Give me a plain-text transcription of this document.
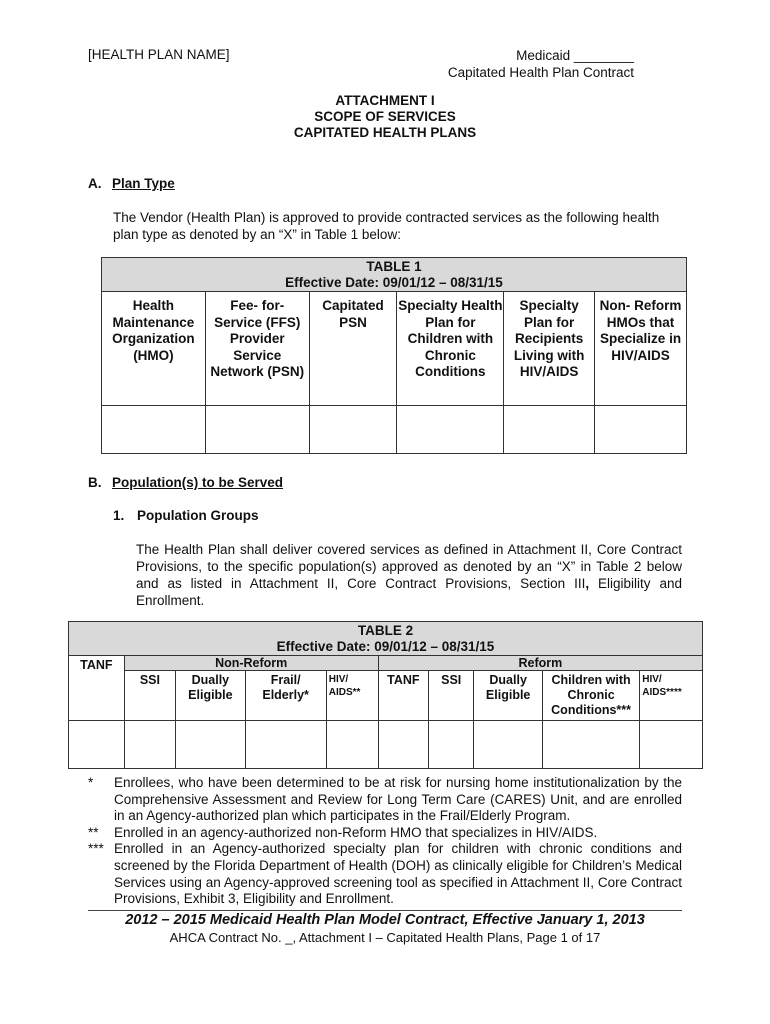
[HEALTH PLAN NAME]	Medicaid ________
Capitated Health Plan Contract
ATTACHMENT I
SCOPE OF SERVICES
CAPITATED HEALTH PLANS
A. Plan Type
The Vendor (Health Plan) is approved to provide contracted services as the following health plan type as denoted by an “X” in Table 1 below:
TABLE 1
Effective Date: 09/01/12 – 08/31/15					

Health Maintenance Organization (HMO)	Fee- for- Service (FFS) Provider Service Network (PSN)	Capitated PSN	Specialty Health Plan for Children with Chronic Conditions	Specialty Plan for Recipients Living with HIV/AIDS	Non- Reform HMOs that Specialize in HIV/AIDS

B. Population(s) to be Served
1. Population Groups
The Health Plan shall deliver covered services as defined in Attachment II, Core Contract Provisions, to the specific population(s) approved as denoted by an “X” in Table 2 below and as listed in Attachment II, Core Contract Provisions, Section III, Eligibility and Enrollment.
TABLE 2
Effective Date: 09/01/12 – 08/31/15									

TANF	Non-Reform				Reform				
	SSI	Dually Eligible	Frail/ Elderly*	HIV/ AIDS**	TANF	SSI	Dually Eligible	Children with Chronic Conditions***	HIV/ AIDS****

*	Enrollees, who have been determined to be at risk for nursing home institutionalization by the Comprehensive Assessment and Review for Long Term Care (CARES) Unit, and are enrolled in an Agency-authorized plan which participates in the Frail/Elderly Program.
**	Enrolled in an agency-authorized non-Reform HMO that specializes in HIV/AIDS.
*** Enrolled in an Agency-authorized specialty plan for children with chronic conditions and screened by the Florida Department of Health (DOH) as clinically eligible for Children’s Medical Services using an Agency-approved screening tool as specified in Attachment II, Core Contract Provisions, Exhibit 3, Eligibility and Enrollment.
2012 – 2015 Medicaid Health Plan Model Contract, Effective January 1, 2013
AHCA Contract No. _, Attachment I – Capitated Health Plans, Page 1 of 17
